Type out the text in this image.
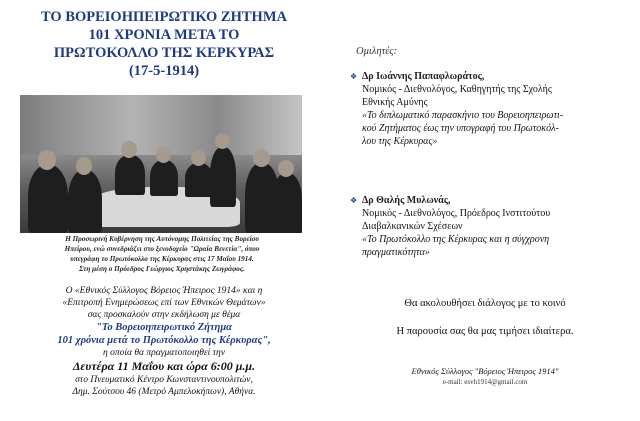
ΤΟ ΒΟΡΕΙΟΗΠΕΙΡΩΤΙΚΟ ΖΗΤΗΜΑ
101 ΧΡΟΝΙΑ ΜΕΤΑ ΤΟ
ΠΡΩΤΟΚΟΛΛΟ ΤΗΣ ΚΕΡΚΥΡΑΣ
(17-5-1914)
Η Προσωρινή Κυβέρνηση της Αυτόνομης Πολιτείας της Βορείου
Ηπείρου, ενώ συνεδριάζει στο ξενοδοχείο "Ωραία Βενετία", όπου
υπεγράφη το Πρωτόκολλο της Κέρκυρας στις 17 Μαΐου 1914.
Στη μέση ο Πρόεδρος Γεώργιος Χρηστάκης Ζωγράφος.
Ο «Εθνικός Σύλλογος Βόρειος Ήπειρος 1914» και η
«Επιτροπή Ενημερώσεως επί των Εθνικών Θεμάτων»
σας προσκαλούν στην εκδήλωση με θέμα
"Το Βορειοηπειρωτικό Ζήτημα
101 χρόνια μετά το Πρωτόκολλο της Κέρκυρας",
η οποία θα πραγματοποιηθεί την
Δευτέρα 11 Μαΐου και ώρα 6:00 μ.μ.
στο Πνευματικό Κέντρο Κωνσταντινουπολιτών,
Δημ. Σούτσου 46 (Μετρό Αμπελοκήπων), Αθήνα.
Ομιλητές:
❖ Δρ Ιωάννης Παπαφλωράτος,
Νομικός - Διεθνολόγος, Καθηγητής της Σχολής
Εθνικής Αμύνης
«Το διπλωματικό παρασκήνιο του Βορειοηπειρωτι-
κού Ζητήματος έως την υπογραφή του Πρωτοκόλ-
λου της Κέρκυρας»
❖ Δρ Θαλής Μυλωνάς,
Νομικός - Διεθνολόγος, Πρόεδρος Ινστιτούτου
Διαβαλκανικών Σχέσεων
«Το Πρωτόκολλο της Κέρκυρας και η σύγχρονη
πραγματικότητα»
Θα ακολουθήσει διάλογος με το κοινό
Η παρουσία σας θα μας τιμήσει ιδιαίτερα.
Εθνικός Σύλλογος "Βόρειος Ήπειρος 1914"
e-mail: esvh1914@gmail.com
